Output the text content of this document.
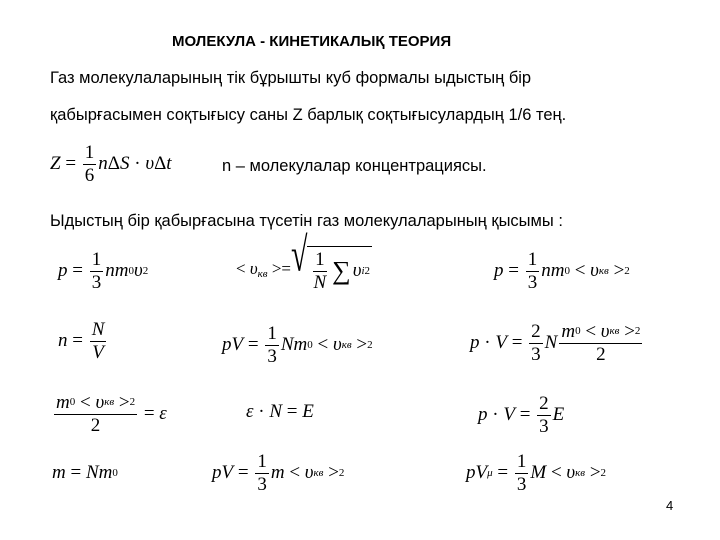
МОЛЕКУЛА - КИНЕТИКАЛЫҚ ТЕОРИЯ
Газ молекулаларының тік бұрышты куб формалы ыдыстың бір
қабырғасымен соқтығысу саны Z барлық соқтығысулардың 1/6 тең.
$Z = \frac{1}{6}$ n Δ S · υ Δ t	n – молекулалар концентрациясы.
Ыдыстың бір қабырғасына түсетін газ молекулаларының қысымы :
$p = \frac{1}{3}$ nm 0 υ 2	< $\upsilon_{кв}$ >= √ $\frac{1}{N}$ ∑ υ i 2	$p = \frac{1}{3}$ nm 0 < υ кв > 2
$n = \frac{N}{V}$	pV = $\frac{1}{3}$ Nm 0 < υ кв > 2	$p \cdot V = \frac{2}{3}$ N $\frac{\text{m 0 < υ кв > 2}}{2}$
$\frac{\text{m 0 < υ кв > 2}}{2} = \varepsilon$	ε · N = E	$p \cdot V = \frac{2}{3}$ E
m = Nm 0	pV = $\frac{1}{3}$ m < υ кв > 2	pV $\mu = \frac{1}{3}$ M < υ кв > 2
4
